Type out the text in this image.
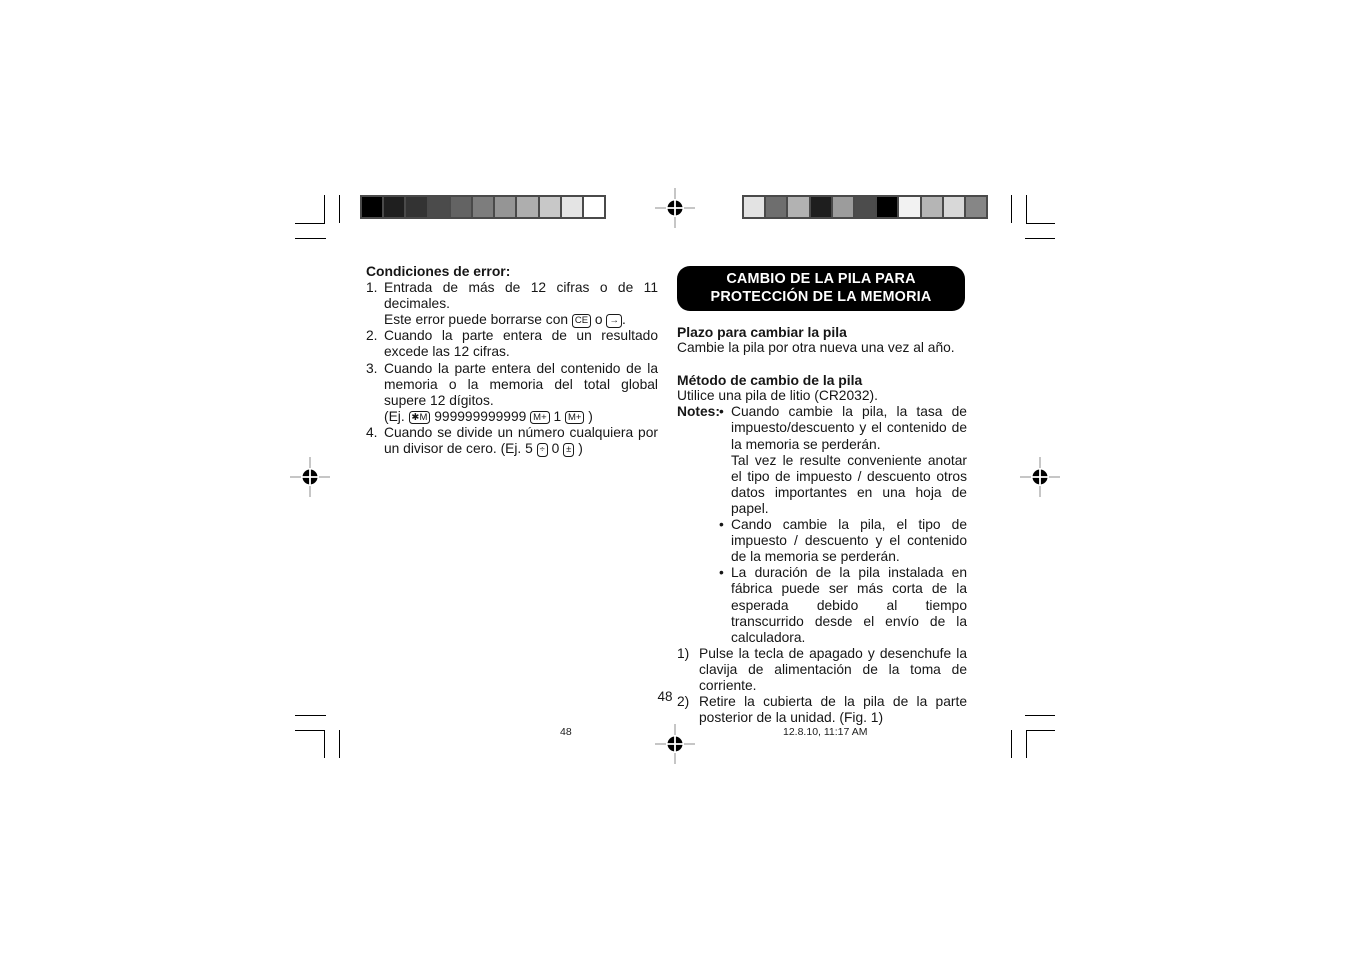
Condiciones de error:

1. Entrada de más de 12 cifras o de 11 decimales.
Este error puede borrarse con CE o → .
2. Cuando la parte entera de un resultado excede las 12 cifras.
3. Cuando la parte entera del contenido de la memoria o la memoria del total global supere 12 dígitos.
(Ej. ✱M 999999999999 M+ 1 M+ )
4. Cuando se divide un número cualquiera por un divisor de cero. (Ej. 5 ÷ 0 ± )
CAMBIO DE LA PILA PARA
PROTECCIÓN DE LA MEMORIA

Plazo para cambiar la pila

Cambie la pila por otra nueva una vez al año.

Método de cambio de la pila

Utilice una pila de litio (CR2032).

Notes: • Cuando cambie la pila, la tasa de impuesto/descuento y el contenido de la memoria se perderán.
Tal vez le resulte conveniente anotar el tipo de impuesto / descuento otros datos importantes en una hoja de papel.
• Cando cambie la pila, el tipo de impuesto / descuento y el contenido de la memoria se perderán.
• La duración de la pila instalada en fábrica puede ser más corta de la esperada debido al tiempo transcurrido desde el envío de la calculadora.
1) Pulse la tecla de apagado y desenchufe la clavija de alimentación de la toma de corriente.
2) Retire la cubierta de la pila de la parte posterior de la unidad. (Fig. 1)
48
48	12.8.10, 11:17 AM
